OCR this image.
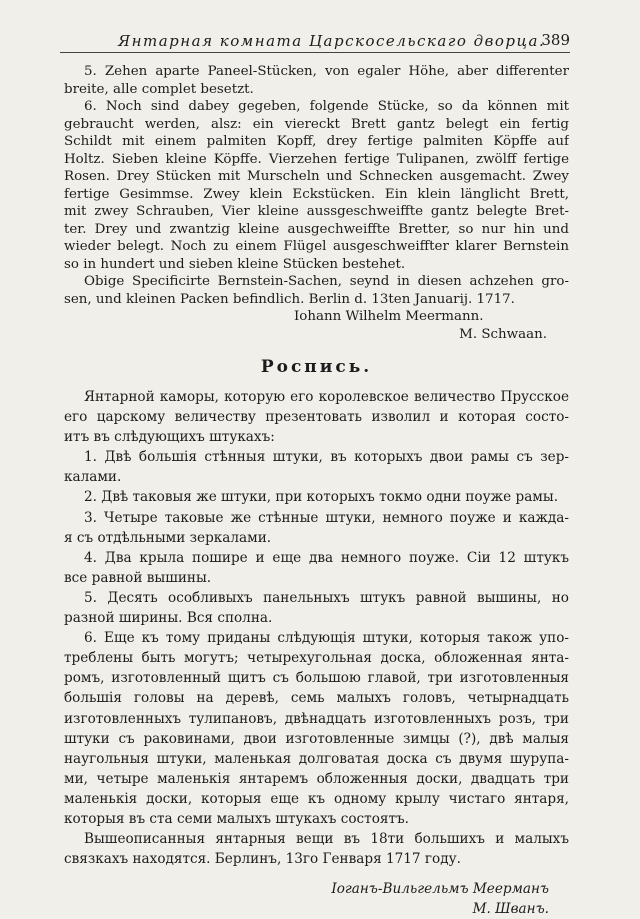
Янтарная комната Царскосельскаго дворца.
389
5. Zehen aparte Paneel-Stücken, von egaler Höhe, aber differenter
breite, alle complet besetzt.
6. Noch sind dabey gegeben, folgende Stücke, so da können mit
gebraucht werden, alsz: ein viereckt Brett gantz belegt ein fertig
Schildt mit einem palmiten Kopff, drey fertige palmiten Köpffe auf
Holtz. Sieben kleine Köpffe. Vierzehen fertige Tulipanen, zwölff fertige
Rosen. Drey Stücken mit Murscheln und Schnecken ausgemacht. Zwey
fertige Gesimmse. Zwey klein Eckstücken. Ein klein länglicht Brett,
mit zwey Schrauben, Vier kleine aussgeschweiffte gantz belegte Bret-
ter. Drey und zwantzig kleine ausgechweiffte Bretter, so nur hin und
wieder belegt. Noch zu einem Flügel ausgeschweiffter klarer Bernstein
so in hundert und sieben kleine Stücken bestehet.
Obige Specificirte Bernstein-Sachen, seynd in diesen achzehen gro-
sen, und kleinen Packen befindlich. Berlin d. 13ten Januarij. 1717.
Iohann Wilhelm Meermann.
M. Schwaan.
Роспись.
Янтарной каморы, которую его королевское величество Прусское
его царскому величеству презентовать изволил и которая состо-
итъ въ слѣдующихъ штукахъ:
1. Двѣ большія стѣнныя штуки, въ которыхъ двои рамы съ зер-
калами.
2. Двѣ таковыя же штуки, при которыхъ токмо одни поуже рамы.
3. Четыре таковые же стѣнные штуки, немного поуже и кажда-
я съ отдѣльными зеркалами.
4. Два крыла пошире и еще два немного поуже. Сіи 12 штукъ
все равной вышины.
5. Десять особливыхъ панельныхъ штукъ равной вышины, но
разной ширины. Вся сполна.
6. Еще къ тому приданы слѣдующія штуки, которыя також упо-
треблены быть могутъ; четырехугольная доска, обложенная янта-
ромъ, изготовленный щитъ съ большою главой, три изготовленныя
большія головы на деревѣ, семь малыхъ головъ, четырнадцать
изготовленныхъ тулипановъ, двѣнадцать изготовленныхъ розъ, три
штуки съ раковинами, двои изготовленные зимцы (?), двѣ малыя
наугольныя штуки, маленькая долговатая доска съ двумя шурупа-
ми, четыре маленькія янтаремъ обложенныя доски, двадцать три
маленькія доски, которыя еще къ одному крылу чистаго янтаря,
которыя въ ста семи малыхъ штукахъ состоятъ.
Вышеописанныя янтарныя вещи въ 18ти большихъ и малыхъ
связкахъ находятся. Берлинъ, 13го Генваря 1717 году.
Іоганъ-Вильгельмъ Меерманъ
М. Шванъ.
